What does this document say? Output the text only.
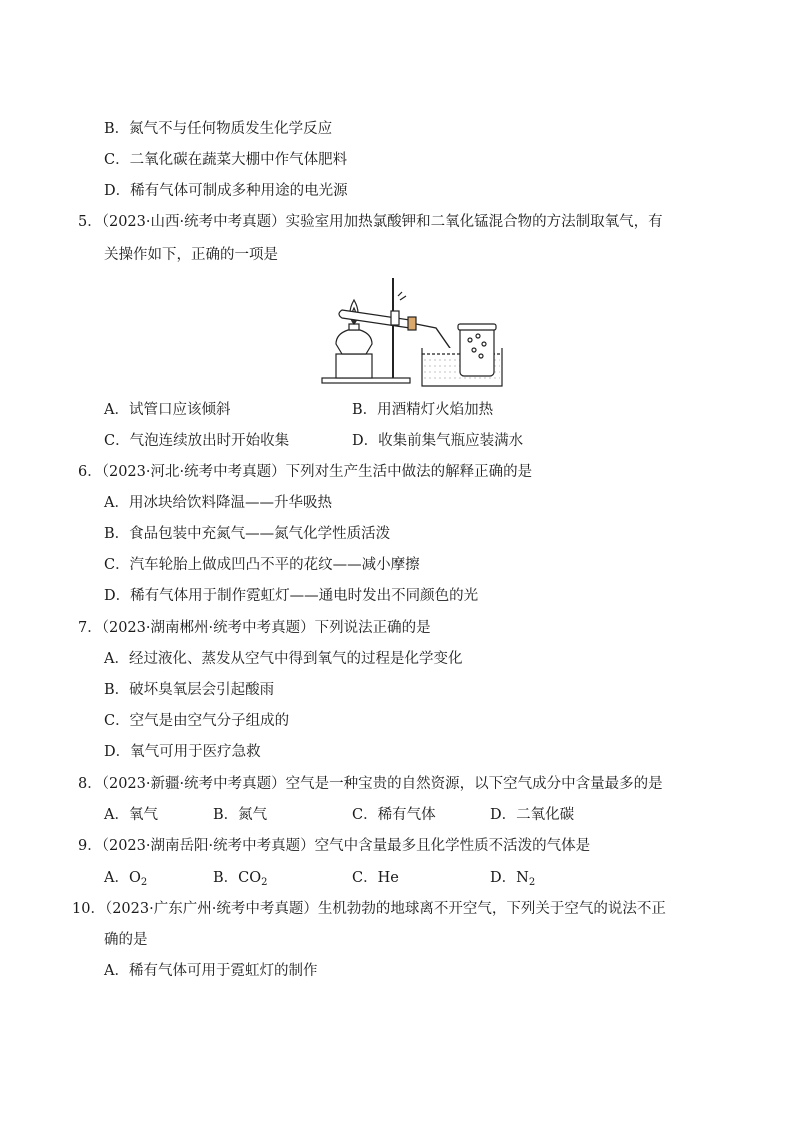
B．氮气不与任何物质发生化学反应
C．二氧化碳在蔬菜大棚中作气体肥料
D．稀有气体可制成多种用途的电光源
5．（2023·山西·统考中考真题）实验室用加热氯酸钾和二氧化锰混合物的方法制取氧气，有
关操作如下，正确的一项是
A．试管口应该倾斜	B．用酒精灯火焰加热
C．气泡连续放出时开始收集	D．收集前集气瓶应装满水
6．（2023·河北·统考中考真题）下列对生产生活中做法的解释正确的是
A．用冰块给饮料降温——升华吸热
B．食品包装中充氮气——氮气化学性质活泼
C．汽车轮胎上做成凹凸不平的花纹——减小摩擦
D．稀有气体用于制作霓虹灯——通电时发出不同颜色的光
7．（2023·湖南郴州·统考中考真题）下列说法正确的是
A．经过液化、蒸发从空气中得到氧气的过程是化学变化
B．破坏臭氧层会引起酸雨
C．空气是由空气分子组成的
D．氧气可用于医疗急救
8．（2023·新疆·统考中考真题）空气是一种宝贵的自然资源，以下空气成分中含量最多的是
A．氧气	B．氮气	C．稀有气体	D．二氧化碳
9．（2023·湖南岳阳·统考中考真题）空气中含量最多且化学性质不活泼的气体是
A．$O_2$	B．$CO_2$	C．He	D．$N_2$
10．（2023·广东广州·统考中考真题）生机勃勃的地球离不开空气，下列关于空气的说法不正
确的是
A．稀有气体可用于霓虹灯的制作
